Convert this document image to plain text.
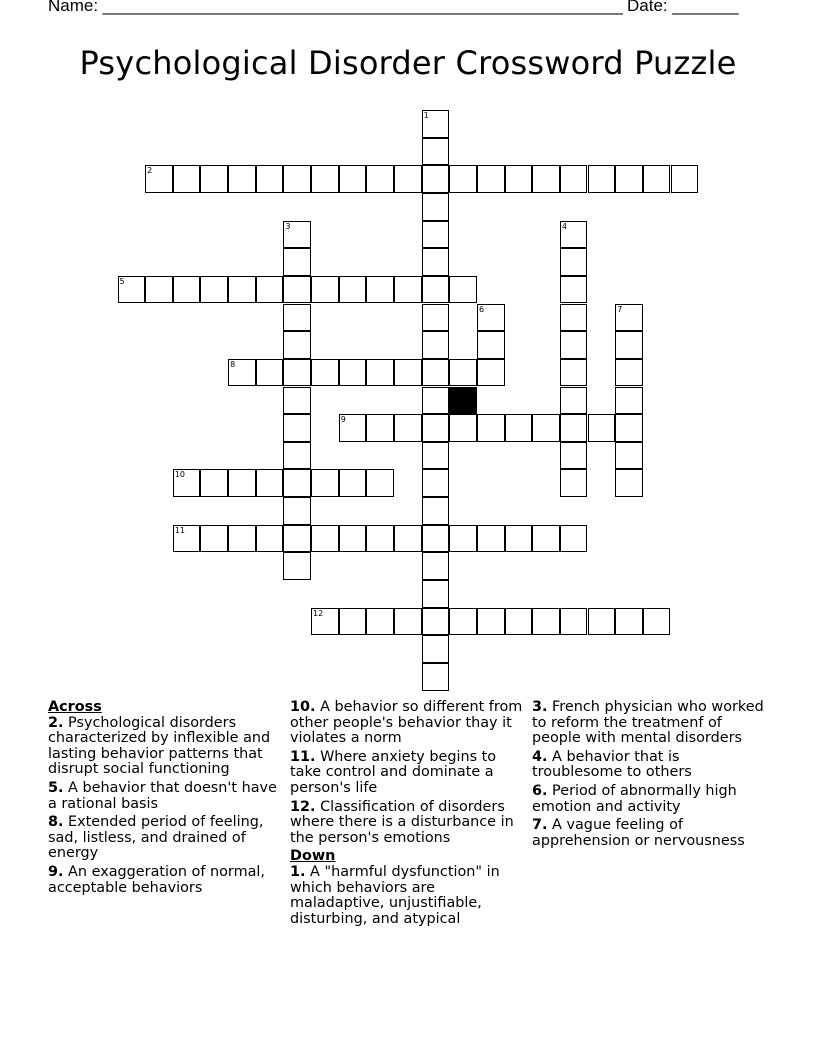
Name: _______________________________________________________ Date: _______
Psychological Disorder Crossword Puzzle
1
2
3	4
5
6	7
8
9
10
11
12
Across
2. Psychological disorders characterized by inflexible and lasting behavior patterns that disrupt social functioning
5. A behavior that doesn't have a rational basis
8. Extended period of feeling, sad, listless, and drained of energy
9. An exaggeration of normal, acceptable behaviors
10. A behavior so different from other people's behavior thay it violates a norm
11. Where anxiety begins to take control and dominate a person's life
12. Classification of disorders where there is a disturbance in the person's emotions
Down
1. A "harmful dysfunction" in which behaviors are maladaptive, unjustifiable, disturbing, and atypical
3. French physician who worked to reform the treatmenf of people with mental disorders
4. A behavior that is troublesome to others
6. Period of abnormally high emotion and activity
7. A vague feeling of apprehension or nervousness
